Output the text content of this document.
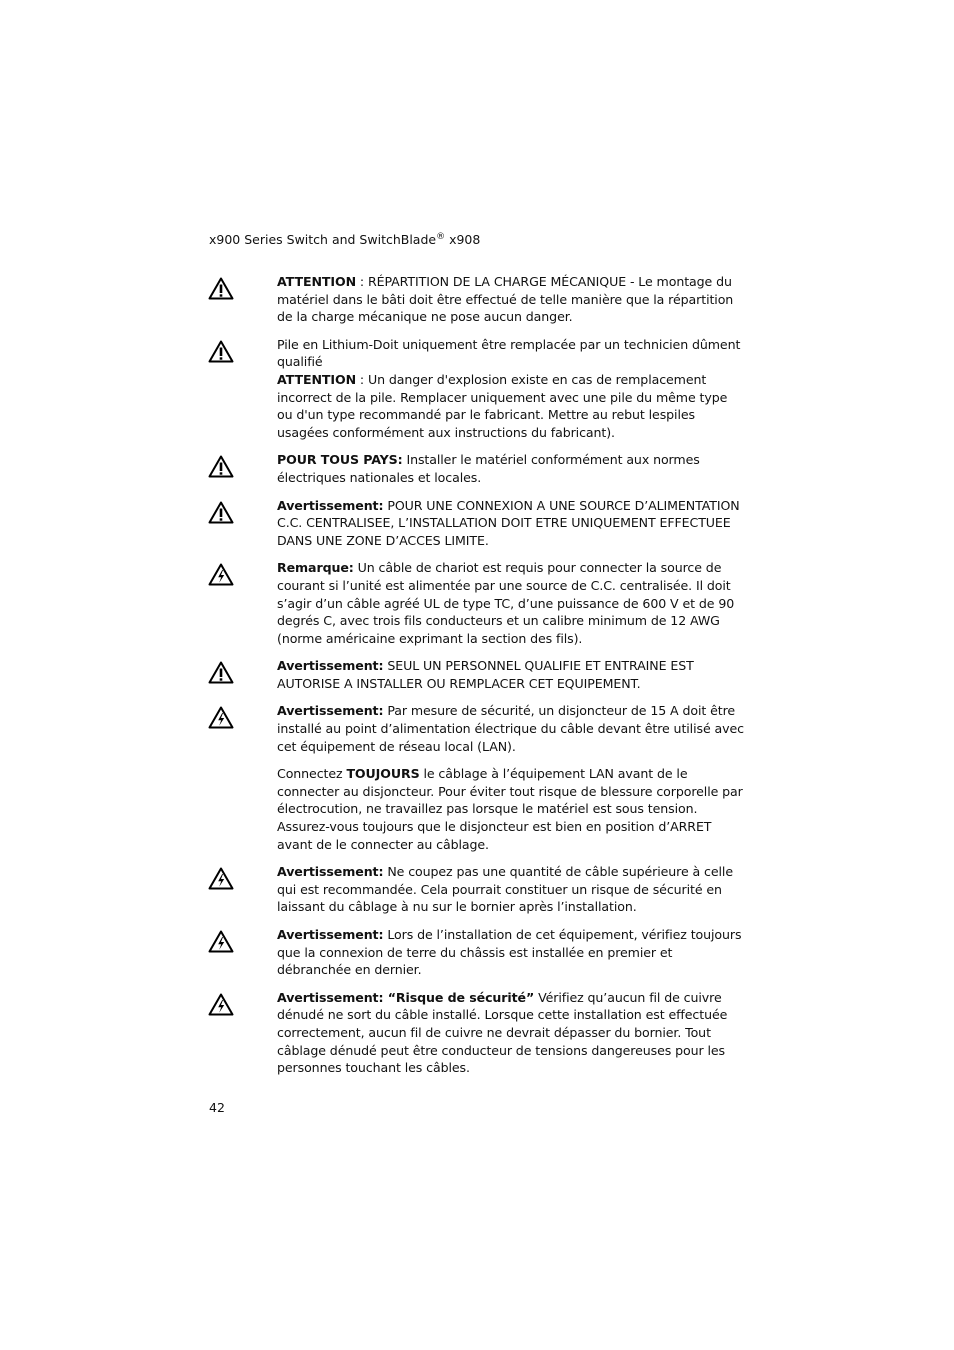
x900 Series Switch and SwitchBlade® x908
ATTENTION : RÉPARTITION DE LA CHARGE MÉCANIQUE - Le montage du matériel dans le bâti doit être effectué de telle manière que la répartition de la charge mécanique ne pose aucun danger.
Pile en Lithium-Doit uniquement être remplacée par un technicien dûment qualifié
ATTENTION : Un danger d'explosion existe en cas de remplacement incorrect de la pile. Remplacer uniquement avec une pile du même type ou d'un type recommandé par le fabricant. Mettre au rebut lespiles usagées conformément aux instructions du fabricant).
POUR TOUS PAYS: Installer le matériel conformément aux normes électriques nationales et locales.
Avertissement: POUR UNE CONNEXION A UNE SOURCE D’ALIMENTATION C.C. CENTRALISEE, L’INSTALLATION DOIT ETRE UNIQUEMENT EFFECTUEE DANS UNE ZONE D’ACCES LIMITE.
Remarque: Un câble de chariot est requis pour connecter la source de courant si l’unité est alimentée par une source de C.C. centralisée. Il doit s’agir d’un câble agréé UL de type TC, d’une puissance de 600 V et de 90 degrés C, avec trois fils conducteurs et un calibre minimum de 12 AWG (norme américaine exprimant la section des fils).
Avertissement: SEUL UN PERSONNEL QUALIFIE ET ENTRAINE EST AUTORISE A INSTALLER OU REMPLACER CET EQUIPEMENT.
Avertissement: Par mesure de sécurité, un disjoncteur de 15 A doit être installé au point d’alimentation électrique du câble devant être utilisé avec cet équipement de réseau local (LAN).
Connectez TOUJOURS le câblage à l’équipement LAN avant de le connecter au disjoncteur. Pour éviter tout risque de blessure corporelle par électrocution, ne travaillez pas lorsque le matériel est sous tension. Assurez-vous toujours que le disjoncteur est bien en position d’ARRET avant de le connecter au câblage.
Avertissement: Ne coupez pas une quantité de câble supérieure à celle qui est recommandée. Cela pourrait constituer un risque de sécurité en laissant du câblage à nu sur le bornier après l’installation.
Avertissement: Lors de l’installation de cet équipement, vérifiez toujours que la connexion de terre du châssis est installée en premier et débranchée en dernier.
Avertissement: “Risque de sécurité” Vérifiez qu’aucun fil de cuivre dénudé ne sort du câble installé. Lorsque cette installation est effectuée correctement, aucun fil de cuivre ne devrait dépasser du bornier. Tout câblage dénudé peut être conducteur de tensions dangereuses pour les personnes touchant les câbles.
42
